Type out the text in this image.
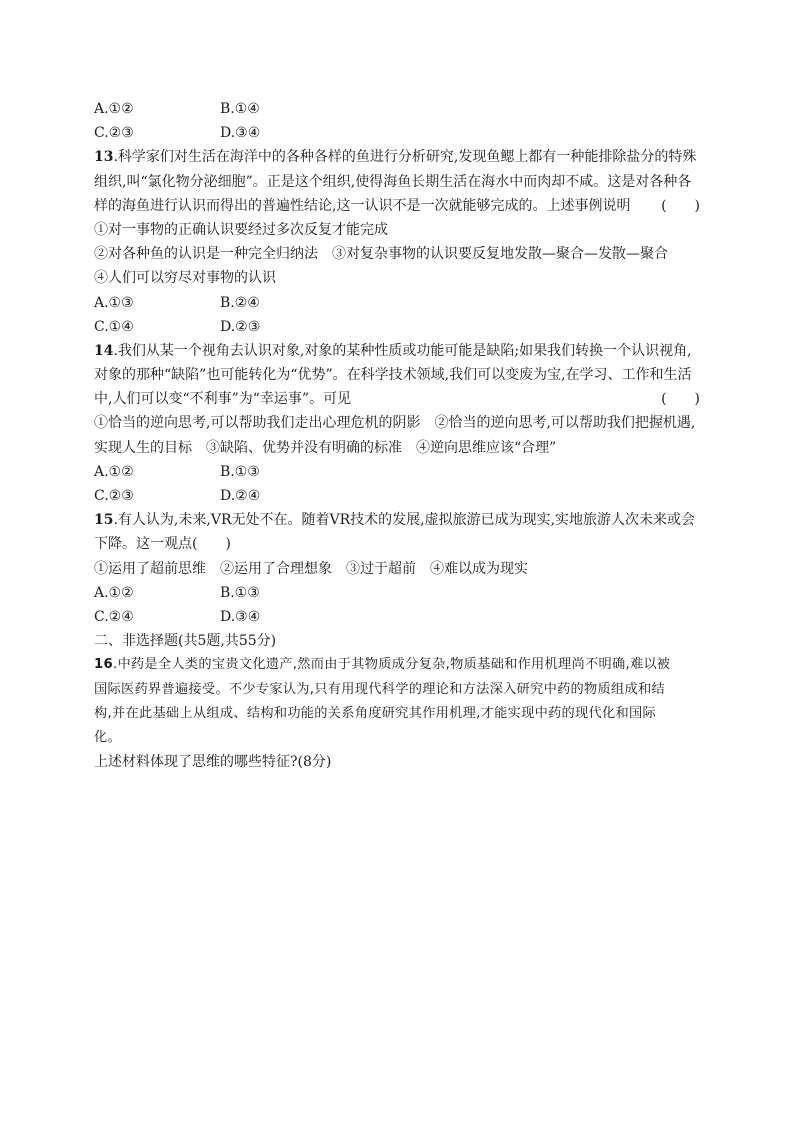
A.①②	B.①④
C.②③	D.③④
13.科学家们对生活在海洋中的各种各样的鱼进行分析研究,发现鱼鳃上都有一种能排除盐分的特殊
组织,叫“氯化物分泌细胞”。正是这个组织,使得海鱼长期生活在海水中而肉却不咸。这是对各种各
样的海鱼进行认识而得出的普遍性结论,这一认识不是一次就能够完成的。上述事例说明 (　　)
①对一事物的正确认识要经过多次反复才能完成
②对各种鱼的认识是一种完全归纳法　③对复杂事物的认识要反复地发散—聚合—发散—聚合
④人们可以穷尽对事物的认识
A.①③	B.②④
C.①④	D.②③
14.我们从某一个视角去认识对象,对象的某种性质或功能可能是缺陷;如果我们转换一个认识视角,
对象的那种“缺陷”也可能转化为“优势”。在科学技术领域,我们可以变废为宝,在学习、工作和生活
中,人们可以变“不利事”为“幸运事”。可见	(　　)
①恰当的逆向思考,可以帮助我们走出心理危机的阴影　②恰当的逆向思考,可以帮助我们把握机遇,
实现人生的目标　③缺陷、优势并没有明确的标准　④逆向思维应该“合理”
A.①②	B.①③
C.②③	D.②④
15.有人认为,未来,VR无处不在。随着VR技术的发展,虚拟旅游已成为现实,实地旅游人次未来或会
下降。这一观点(　　)
①运用了超前思维　②运用了合理想象　③过于超前　④难以成为现实
A.①②	B.①③
C.②④	D.③④
二、非选择题(共5题,共55分)
16.中药是全人类的宝贵文化遗产,然而由于其物质成分复杂,物质基础和作用机理尚不明确,难以被
国际医药界普遍接受。不少专家认为,只有用现代科学的理论和方法深入研究中药的物质组成和结
构,并在此基础上从组成、结构和功能的关系角度研究其作用机理,才能实现中药的现代化和国际
化。
上述材料体现了思维的哪些特征?(8分)
